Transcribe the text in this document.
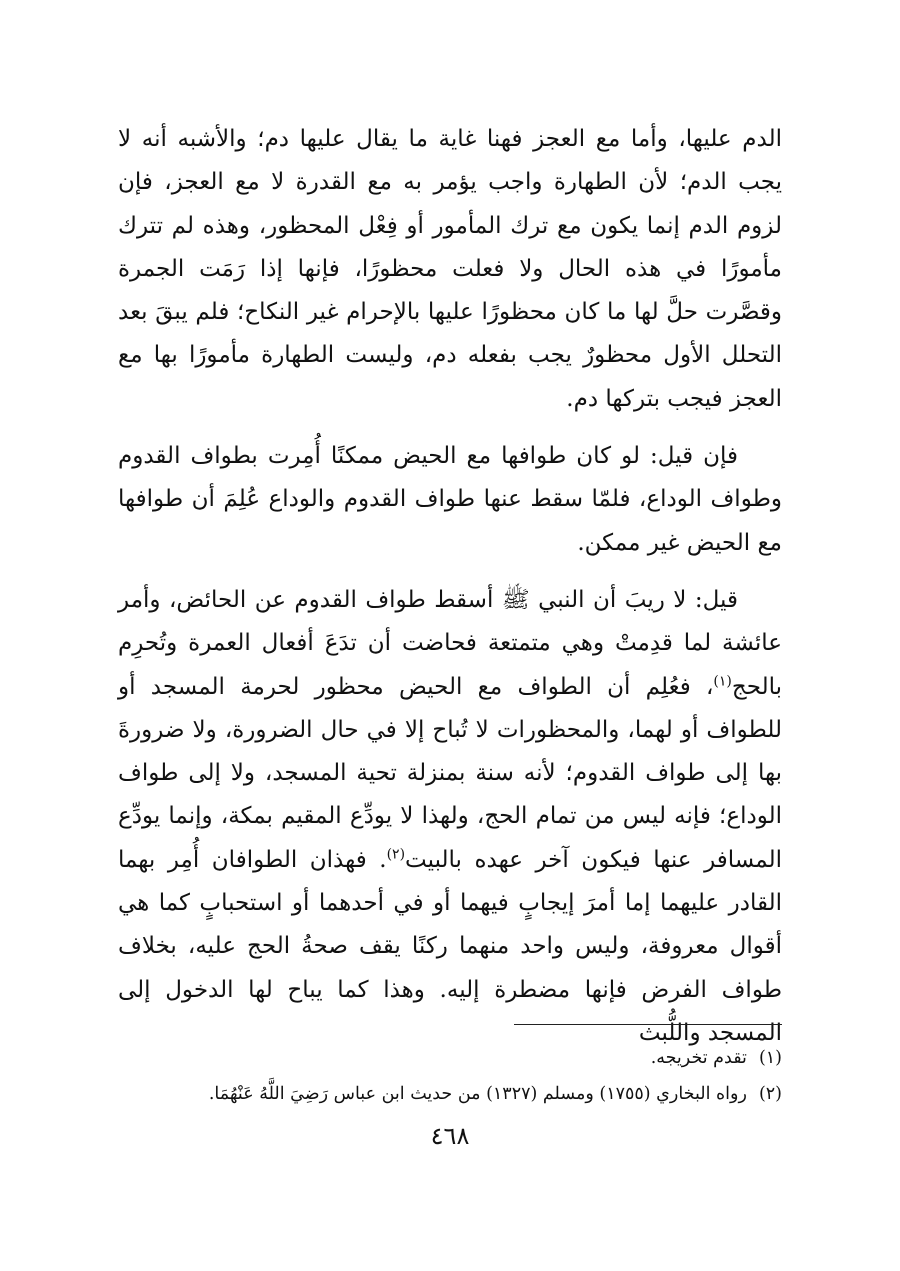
الدم عليها، وأما مع العجز فهنا غاية ما يقال عليها دم؛ والأشبه أنه لا يجب الدم؛ لأن الطهارة واجب يؤمر به مع القدرة لا مع العجز، فإن لزوم الدم إنما يكون مع ترك المأمور أو فِعْل المحظور، وهذه لم تترك مأمورًا في هذه الحال ولا فعلت محظورًا، فإنها إذا رَمَت الجمرة وقصَّرت حلَّ لها ما كان محظورًا عليها بالإحرام غير النكاح؛ فلم يبقَ بعد التحلل الأول محظورٌ يجب بفعله دم، وليست الطهارة مأمورًا بها مع العجز فيجب بتركها دم.

فإن قيل: لو كان طوافها مع الحيض ممكنًا أُمِرت بطواف القدوم وطواف الوداع، فلمّا سقط عنها طواف القدوم والوداع عُلِمَ أن طوافها مع الحيض غير ممكن.

قيل: لا ريبَ أن النبي ﷺ أسقط طواف القدوم عن الحائض، وأمر عائشة لما قدِمتْ وهي متمتعة فحاضت أن تدَعَ أفعال العمرة وتُحرِم بالحج$^{(١)}$، فعُلِم أن الطواف مع الحيض محظور لحرمة المسجد أو للطواف أو لهما، والمحظورات لا تُباح إلا في حال الضرورة، ولا ضرورةَ بها إلى طواف القدوم؛ لأنه سنة بمنزلة تحية المسجد، ولا إلى طواف الوداع؛ فإنه ليس من تمام الحج، ولهذا لا يودِّع المقيم بمكة، وإنما يودِّع المسافر عنها فيكون آخر عهده بالبيت$^{(٢)}$. فهذان الطوافان أُمِر بهما القادر عليهما إما أمرَ إيجابٍ فيهما أو في أحدهما أو استحبابٍ كما هي أقوال معروفة، وليس واحد منهما ركنًا يقف صحةُ الحج عليه، بخلاف طواف الفرض فإنها مضطرة إليه. وهذا كما يباح لها الدخول إلى المسجد واللُّبث

(١)
تقدم تخريجه.
(٢)
رواه البخاري (١٧٥٥) ومسلم (١٣٢٧) من حديث ابن عباس رَضِيَ اللَّهُ عَنْهُمَا.
٤٦٨
